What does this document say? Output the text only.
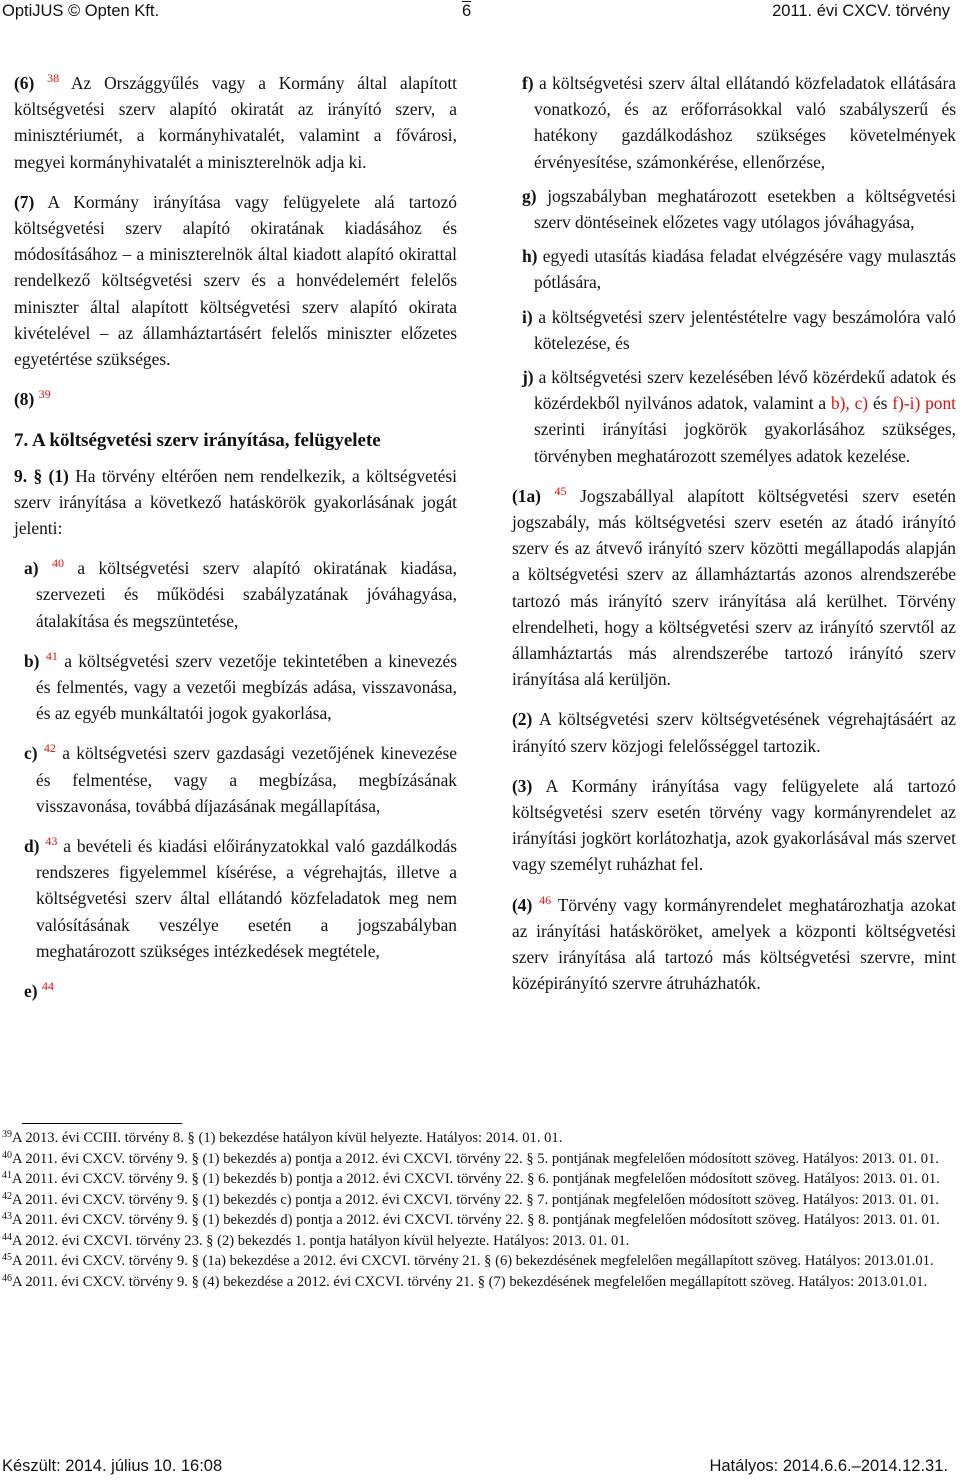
OptiJUS © Opten Kft.	6	2011. évi CXCV. törvény

(6) $^{38}$ Az Országgyűlés vagy a Kormány által alapított költségvetési szerv alapító okiratát az irányító szerv, a minisztériumét, a kormányhivatalét, valamint a fővárosi, megyei kormányhivatalét a miniszterelnök adja ki.

(7) A Kormány irányítása vagy felügyelete alá tartozó költségvetési szerv alapító okiratának kiadásához és módosításához – a miniszterelnök által kiadott alapító okirattal rendelkező költségvetési szerv és a honvédelemért felelős miniszter által alapított költségvetési szerv alapító okirata kivételével – az államháztartásért felelős miniszter előzetes egyetértése szükséges.

(8) $^{39}$

7. A költségvetési szerv irányítása, felügyelete

9. § (1) Ha törvény eltérően nem rendelkezik, a költségvetési szerv irányítása a következő hatáskörök gyakorlásának jogát jelenti:

a) $^{40}$ a költségvetési szerv alapító okiratának kiadása, szervezeti és működési szabályzatának jóváhagyása, átalakítása és megszüntetése,

b) $^{41}$ a költségvetési szerv vezetője tekintetében a kinevezés és felmentés, vagy a vezetői megbízás adása, visszavonása, és az egyéb munkáltatói jogok gyakorlása,

c) $^{42}$ a költségvetési szerv gazdasági vezetőjének kinevezése és felmentése, vagy a megbízása, megbízásának visszavonása, továbbá díjazásának megállapítása,

d) $^{43}$ a bevételi és kiadási előirányzatokkal való gazdálkodás rendszeres figyelemmel kísérése, a végrehajtás, illetve a költségvetési szerv által ellátandó közfeladatok meg nem valósításának veszélye esetén a jogszabályban meghatározott szükséges intézkedések megtétele,

e) $^{44}$

f) a költségvetési szerv által ellátandó közfeladatok ellátására vonatkozó, és az erőforrásokkal való szabályszerű és hatékony gazdálkodáshoz szükséges követelmények érvényesítése, számonkérése, ellenőrzése,

g) jogszabályban meghatározott esetekben a költségvetési szerv döntéseinek előzetes vagy utólagos jóváhagyása,

h) egyedi utasítás kiadása feladat elvégzésére vagy mulasztás pótlására,

i) a költségvetési szerv jelentéstételre vagy beszámolóra való kötelezése, és

j) a költségvetési szerv kezelésében lévő közérdekű adatok és közérdekből nyilvános adatok, valamint a b), c) és f)-i) pont szerinti irányítási jogkörök gyakorlásához szükséges, törvényben meghatározott személyes adatok kezelése.

(1a) $^{45}$ Jogszabállyal alapított költségvetési szerv esetén jogszabály, más költségvetési szerv esetén az átadó irányító szerv és az átvevő irányító szerv közötti megállapodás alapján a költségvetési szerv az államháztartás azonos alrendszerébe tartozó más irányító szerv irányítása alá kerülhet. Törvény elrendelheti, hogy a költségvetési szerv az irányító szervtől az államháztartás más alrendszerébe tartozó irányító szerv irányítása alá kerüljön.

(2) A költségvetési szerv költségvetésének végrehajtásáért az irányító szerv közjogi felelősséggel tartozik.

(3) A Kormány irányítása vagy felügyelete alá tartozó költségvetési szerv esetén törvény vagy kormányrendelet az irányítási jogkört korlátozhatja, azok gyakorlásával más szervet vagy személyt ruházhat fel.

(4) $^{46}$ Törvény vagy kormányrendelet meghatározhatja azokat az irányítási hatásköröket, amelyek a központi költségvetési szerv irányítása alá tartozó más költségvetési szervre, mint középirányító szervre átruházhatók.

$^{39}$A 2013. évi CCIII. törvény 8. § (1) bekezdése hatályon kívül helyezte. Hatályos: 2014. 01. 01.

$^{40}$A 2011. évi CXCV. törvény 9. § (1) bekezdés a) pontja a 2012. évi CXCVI. törvény 22. § 5. pontjának megfelelően módosított szöveg. Hatályos: 2013. 01. 01.

$^{41}$A 2011. évi CXCV. törvény 9. § (1) bekezdés b) pontja a 2012. évi CXCVI. törvény 22. § 6. pontjának megfelelően módosított szöveg. Hatályos: 2013. 01. 01.

$^{42}$A 2011. évi CXCV. törvény 9. § (1) bekezdés c) pontja a 2012. évi CXCVI. törvény 22. § 7. pontjának megfelelően módosított szöveg. Hatályos: 2013. 01. 01.

$^{43}$A 2011. évi CXCV. törvény 9. § (1) bekezdés d) pontja a 2012. évi CXCVI. törvény 22. § 8. pontjának megfelelően módosított szöveg. Hatályos: 2013. 01. 01.

$^{44}$A 2012. évi CXCVI. törvény 23. § (2) bekezdés 1. pontja hatályon kívül helyezte. Hatályos: 2013. 01. 01.

$^{45}$A 2011. évi CXCV. törvény 9. § (1a) bekezdése a 2012. évi CXCVI. törvény 21. § (6) bekezdésének megfelelően megállapított szöveg. Hatályos: 2013.01.01.

$^{46}$A 2011. évi CXCV. törvény 9. § (4) bekezdése a 2012. évi CXCVI. törvény 21. § (7) bekezdésének megfelelően megállapított szöveg. Hatályos: 2013.01.01.

Készült: 2014. július 10. 16:08	Hatályos: 2014.6.6.–2014.12.31.
